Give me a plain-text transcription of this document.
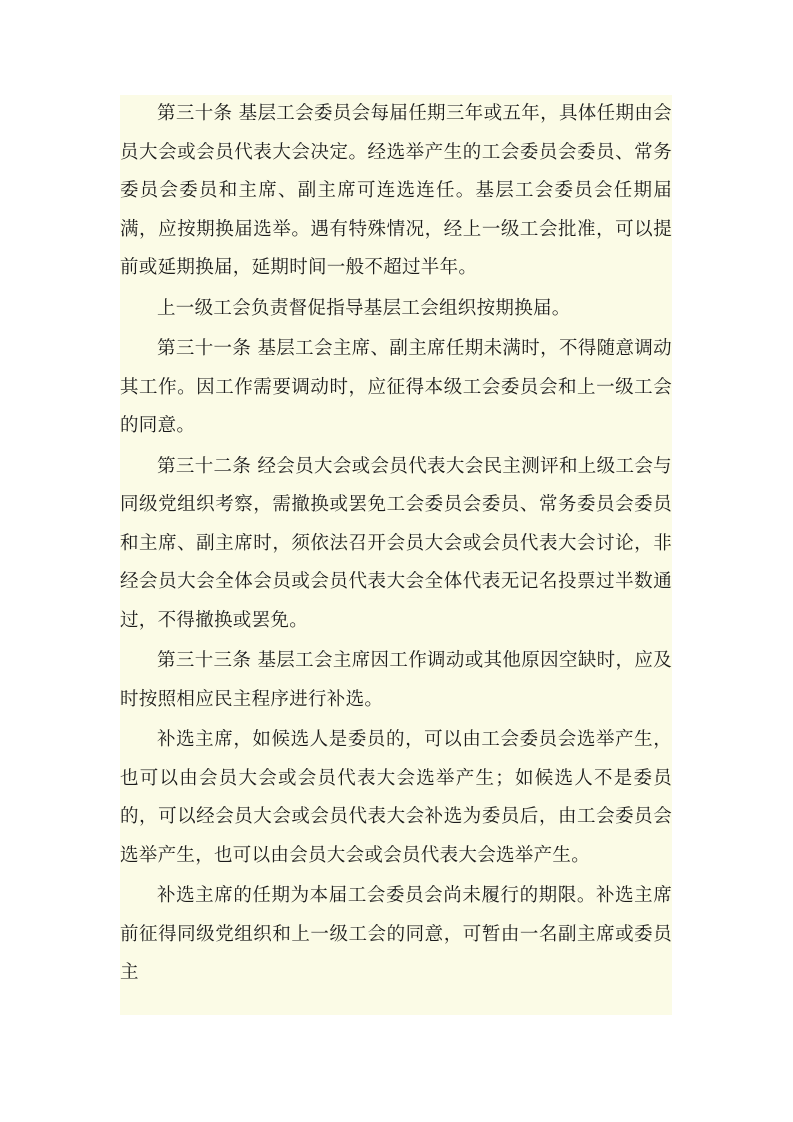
第三十条 基层工会委员会每届任期三年或五年，具体任期由会员大会或会员代表大会决定。经选举产生的工会委员会委员、常务委员会委员和主席、副主席可连选连任。基层工会委员会任期届满，应按期换届选举。遇有特殊情况，经上一级工会批准，可以提前或延期换届，延期时间一般不超过半年。

上一级工会负责督促指导基层工会组织按期换届。

第三十一条 基层工会主席、副主席任期未满时，不得随意调动其工作。因工作需要调动时，应征得本级工会委员会和上一级工会的同意。

第三十二条 经会员大会或会员代表大会民主测评和上级工会与同级党组织考察，需撤换或罢免工会委员会委员、常务委员会委员和主席、副主席时，须依法召开会员大会或会员代表大会讨论，非经会员大会全体会员或会员代表大会全体代表无记名投票过半数通过，不得撤换或罢免。

第三十三条 基层工会主席因工作调动或其他原因空缺时，应及时按照相应民主程序进行补选。

补选主席，如候选人是委员的，可以由工会委员会选举产生，也可以由会员大会或会员代表大会选举产生；如候选人不是委员的，可以经会员大会或会员代表大会补选为委员后，由工会委员会选举产生，也可以由会员大会或会员代表大会选举产生。

补选主席的任期为本届工会委员会尚未履行的期限。补选主席前征得同级党组织和上一级工会的同意，可暂由一名副主席或委员主
